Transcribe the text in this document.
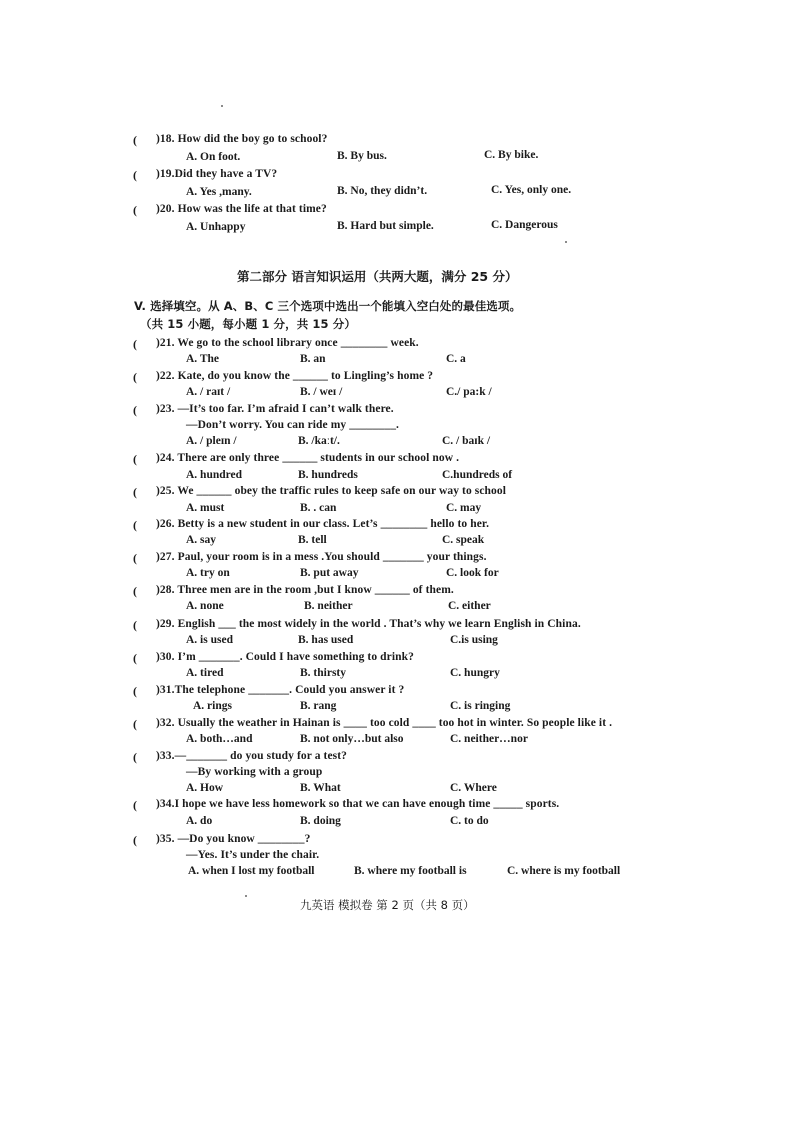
( )18. How did the boy go to school?
A. On foot.	B. By bus.	C. By bike.
( )19.Did they have a TV?
A. Yes ,many.	B. No, they didn’t.	C. Yes, only one.
( )20. How was the life at that time?
A. Unhappy	B. Hard but simple.	C. Dangerous
第二部分 语言知识运用（共两大题，满分 25 分）
V. 选择填空。从 A、B、C 三个选项中选出一个能填入空白处的最佳选项。
（共 15 小题，每小题 1 分，共 15 分）
( )21. We go to the school library once ________ week.
A. The	B. an	C. a
( )22. Kate, do you know the ______ to Lingling’s home ?
A. / raɪt /	B. / weɪ /	C./ pa:k /
( )23. —It’s too far. I’m afraid I can’t walk there.
—Don’t worry. You can ride my ________.
A. / pleɪn /	B. /kaːt/.	C. / baɪk /
( )24. There are only three ______ students in our school now .
A. hundred	B. hundreds	C.hundreds of
( )25. We ______ obey the traffic rules to keep safe on our way to school
A. must	B. . can	C. may
( )26. Betty is a new student in our class. Let’s ________ hello to her.
A. say	B. tell	C. speak
( )27. Paul, your room is in a mess .You should _______ your things.
A. try on	B. put away	C. look for
( )28. Three men are in the room ,but I know ______ of them.
A. none	B. neither	C. either
( )29. English ___ the most widely in the world . That’s why we learn English in China.
A. is used	B. has used	C.is using
( )30. I’m _______. Could I have something to drink?
A. tired	B. thirsty	C. hungry
( )31.The telephone _______. Could you answer it ?
A. rings	B. rang	C. is ringing
( )32. Usually the weather in Hainan is ____ too cold ____ too hot in winter. So people like it .
A. both…and	B. not only…but also	C. neither…nor
( )33.—_______ do you study for a test?
—By working with a group
A. How	B. What	C. Where
( )34.I hope we have less homework so that we can have enough time _____ sports.
A. do	B. doing	C. to do
( )35. —Do you know ________?
—Yes. It’s under the chair.
A. when I lost my football	B. where my football is	C. where is my football
九英语 模拟卷 第 2 页（共 8 页）
